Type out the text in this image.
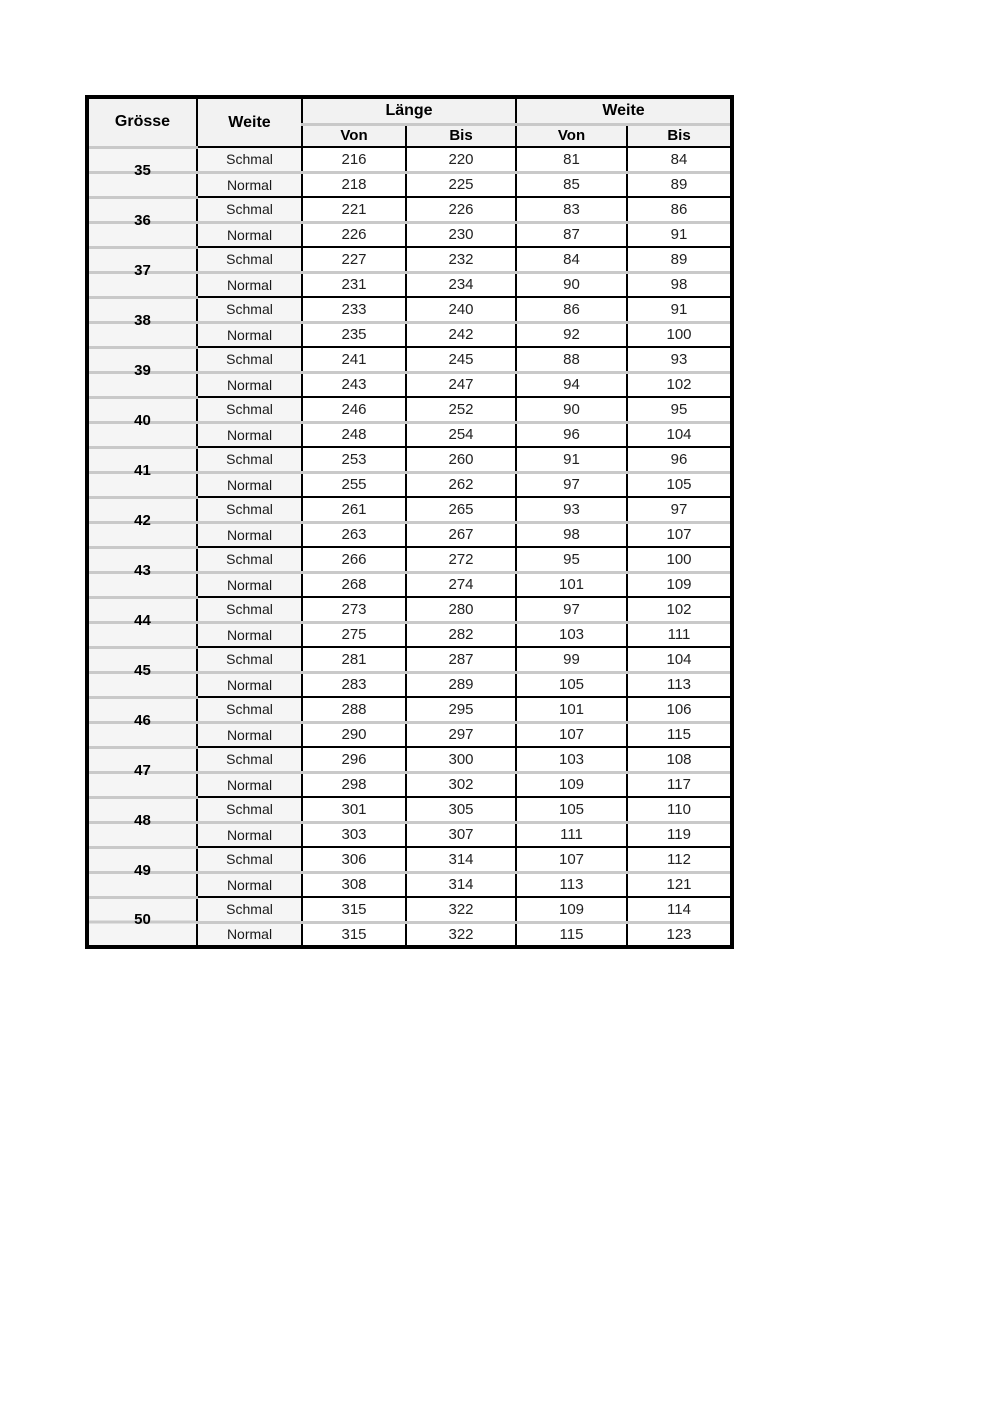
Grösse	Weite	Länge		Weite	
		Von	Bis	Von	Bis
35	Schmal	216	220	81	84
	Normal	218	225	85	89
36	Schmal	221	226	83	86
	Normal	226	230	87	91
37	Schmal	227	232	84	89
	Normal	231	234	90	98
38	Schmal	233	240	86	91
	Normal	235	242	92	100
39	Schmal	241	245	88	93
	Normal	243	247	94	102
40	Schmal	246	252	90	95
	Normal	248	254	96	104
41	Schmal	253	260	91	96
	Normal	255	262	97	105
42	Schmal	261	265	93	97
	Normal	263	267	98	107
43	Schmal	266	272	95	100
	Normal	268	274	101	109
44	Schmal	273	280	97	102
	Normal	275	282	103	111
45	Schmal	281	287	99	104
	Normal	283	289	105	113
46	Schmal	288	295	101	106
	Normal	290	297	107	115
47	Schmal	296	300	103	108
	Normal	298	302	109	117
48	Schmal	301	305	105	110
	Normal	303	307	111	119
49	Schmal	306	314	107	112
	Normal	308	314	113	121
50	Schmal	315	322	109	114
	Normal	315	322	115	123
